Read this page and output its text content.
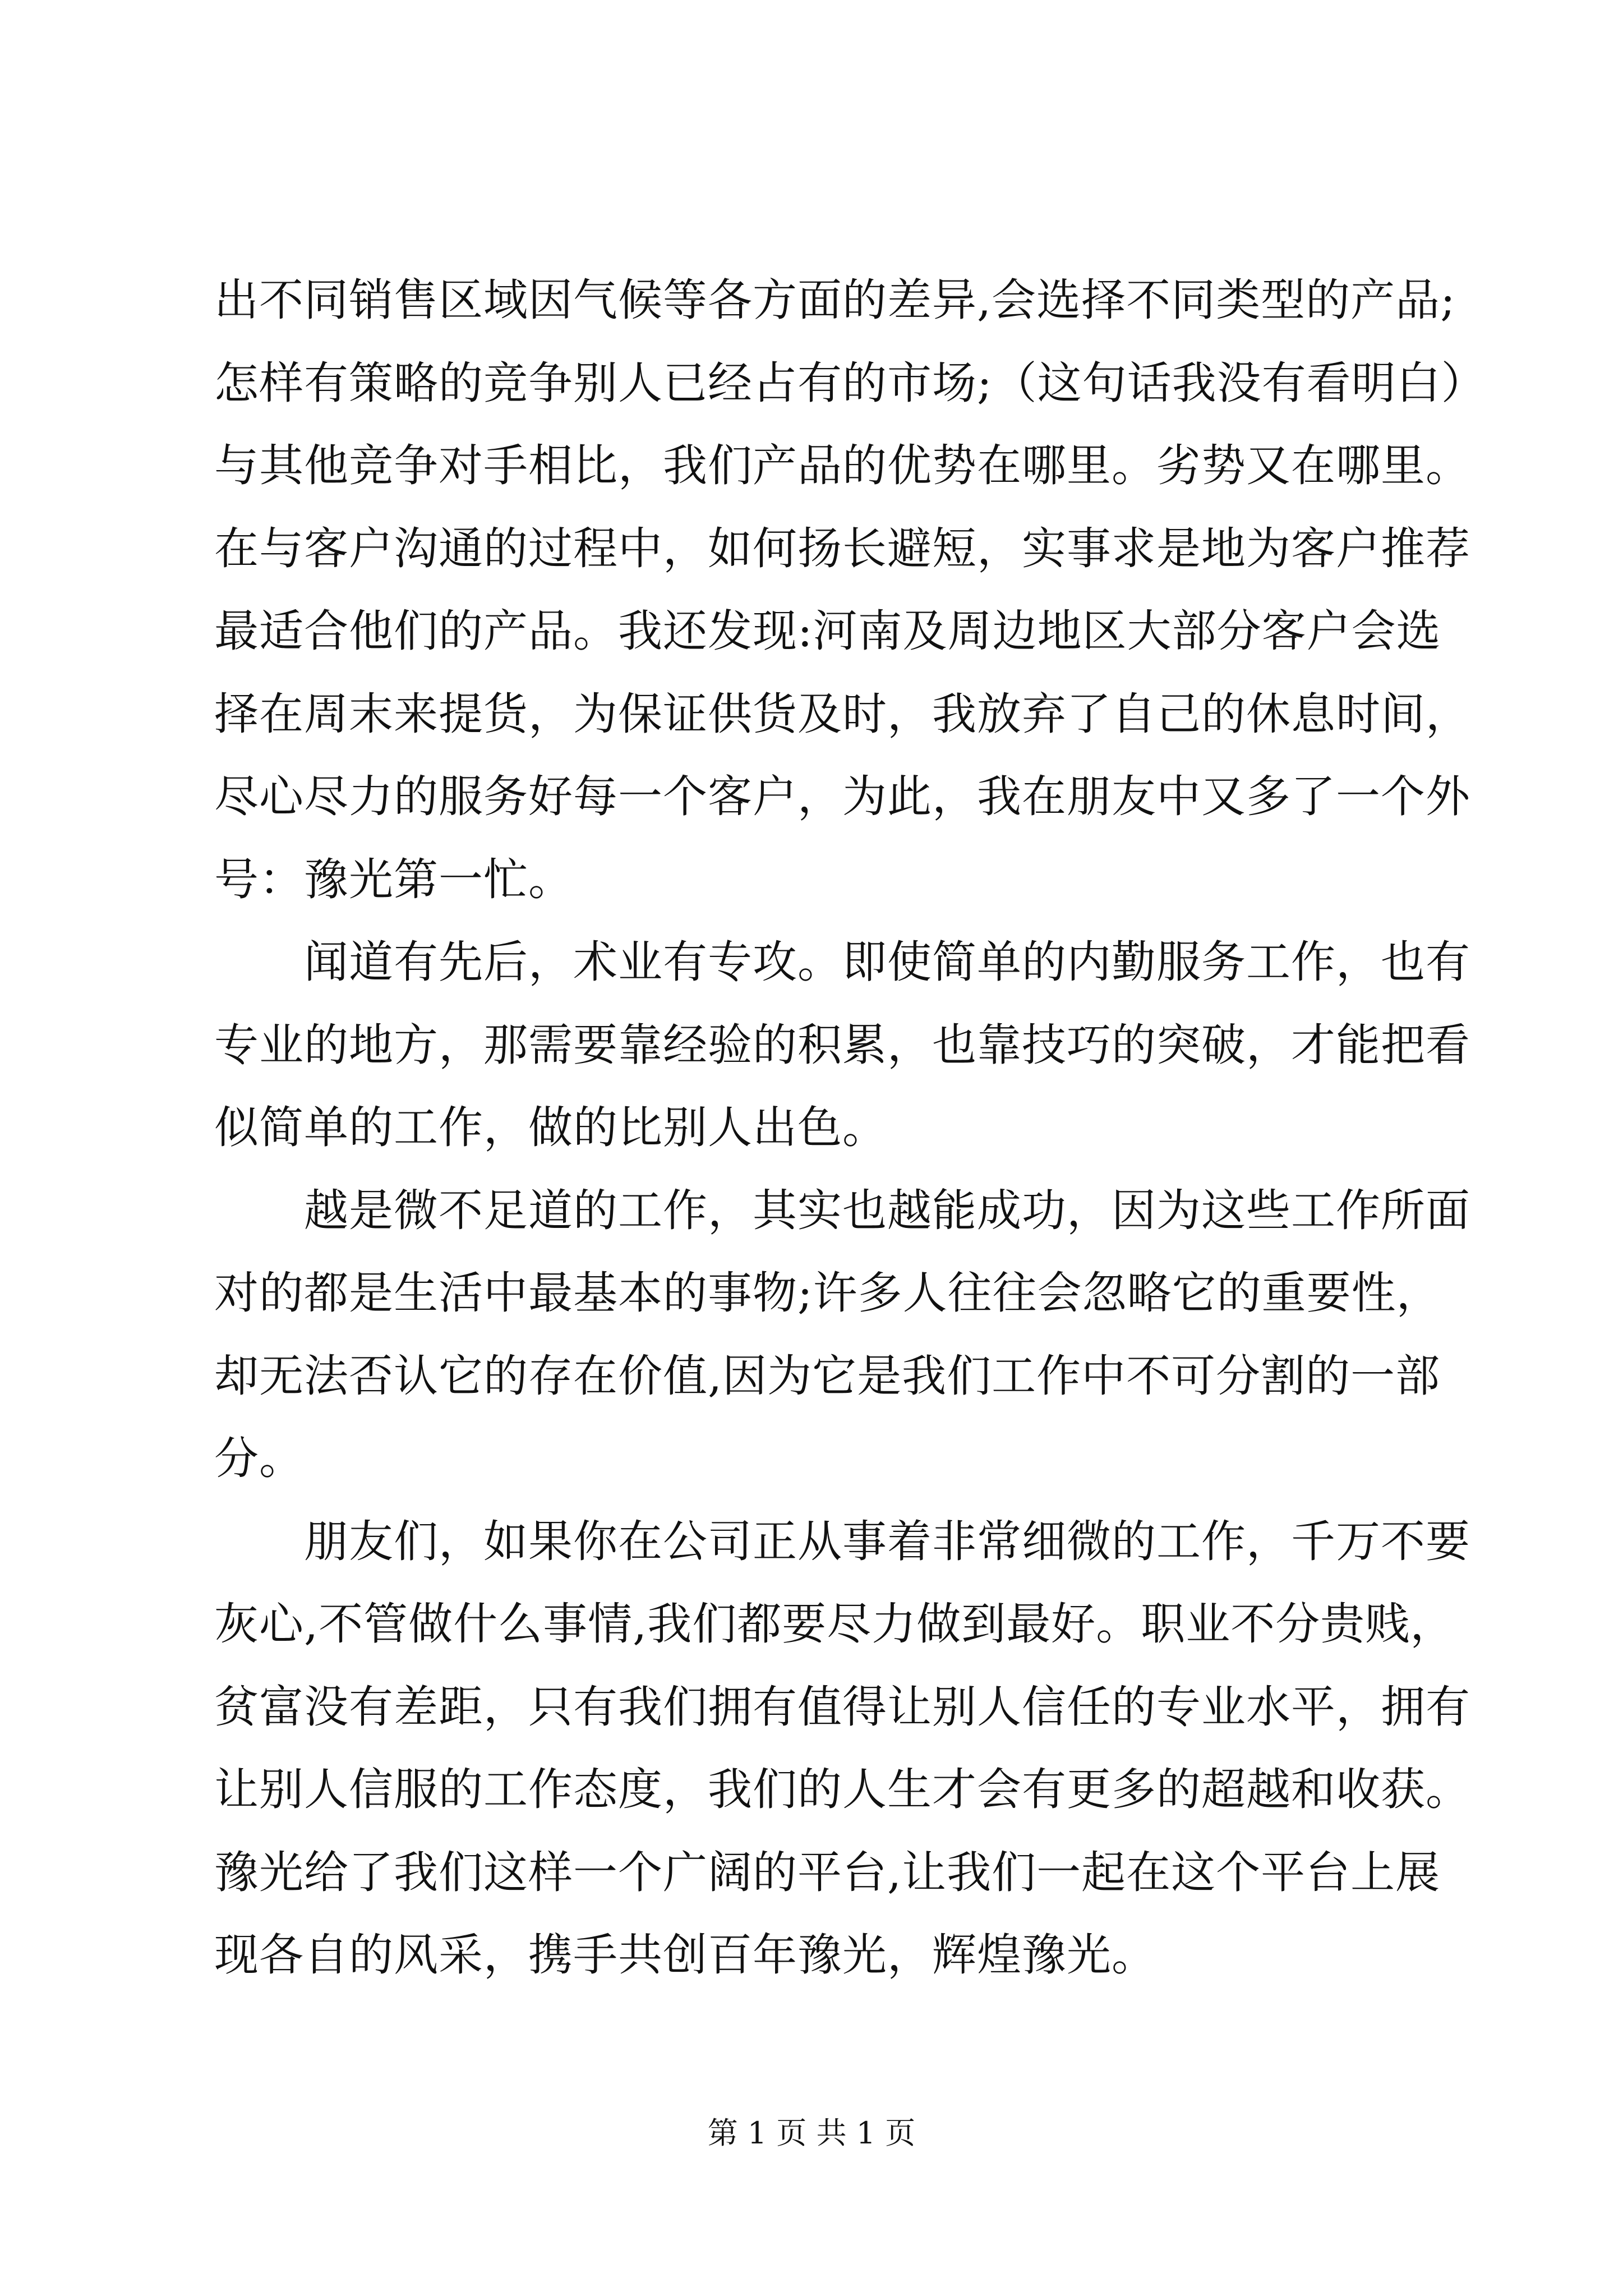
出不同销售区域因气候等各方面的差异,会选择不同类型的产品;
怎样有策略的竞争别人已经占有的市场;（这句话我没有看明白）
与其他竞争对手相比，我们产品的优势在哪里。劣势又在哪里。
在与客户沟通的过程中，如何扬长避短，实事求是地为客户推荐
最适合他们的产品。我还发现:河南及周边地区大部分客户会选
择在周末来提货，为保证供货及时，我放弃了自己的休息时间，
尽心尽力的服务好每一个客户，为此，我在朋友中又多了一个外
号：豫光第一忙。
闻道有先后，术业有专攻。即使简单的内勤服务工作，也有
专业的地方，那需要靠经验的积累，也靠技巧的突破，才能把看
似简单的工作，做的比别人出色。
越是微不足道的工作，其实也越能成功，因为这些工作所面
对的都是生活中最基本的事物;许多人往往会忽略它的重要性，
却无法否认它的存在价值,因为它是我们工作中不可分割的一部
分。
朋友们，如果你在公司正从事着非常细微的工作，千万不要
灰心,不管做什么事情,我们都要尽力做到最好。职业不分贵贱，
贫富没有差距，只有我们拥有值得让别人信任的专业水平，拥有
让别人信服的工作态度，我们的人生才会有更多的超越和收获。
豫光给了我们这样一个广阔的平台,让我们一起在这个平台上展
现各自的风采，携手共创百年豫光，辉煌豫光。
第 1 页 共 1 页
